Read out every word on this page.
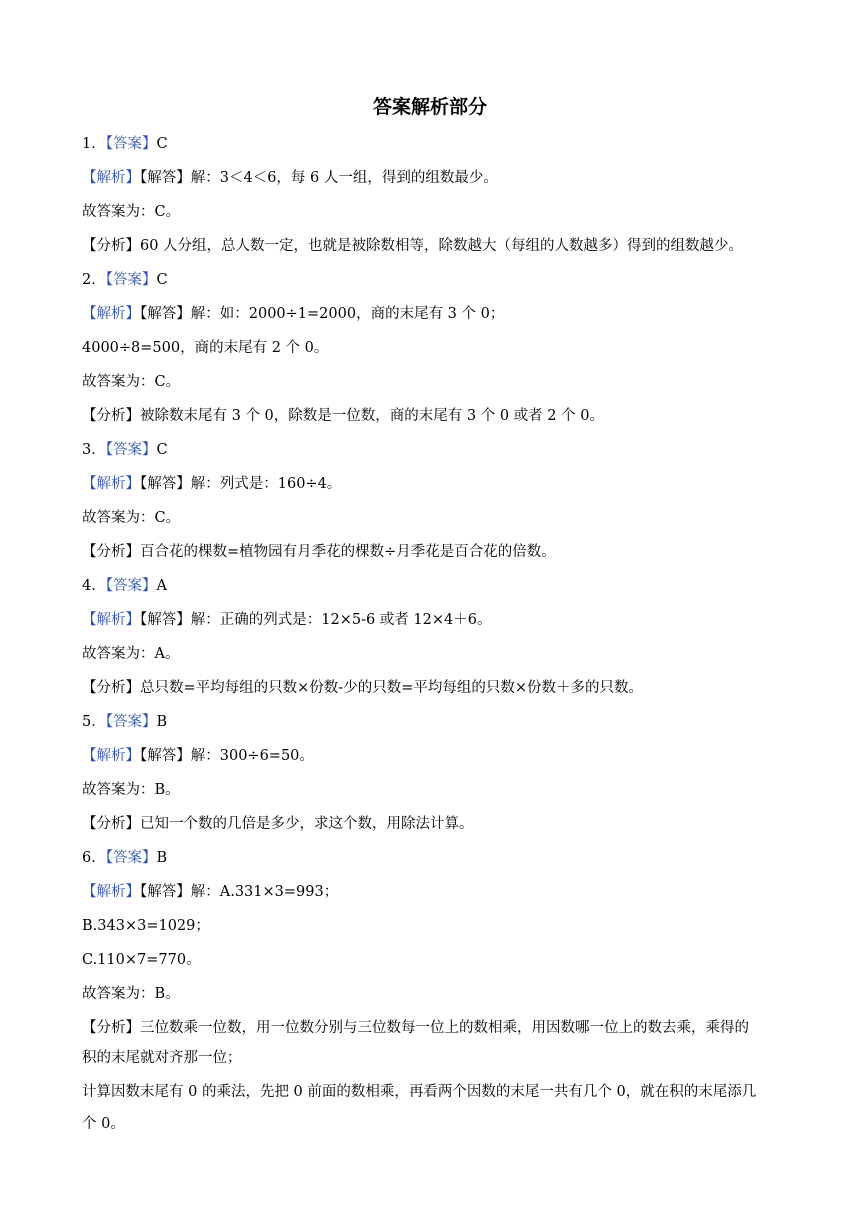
答案解析部分
1．【答案】C
【解析】【解答】解：3＜4＜6，每 6 人一组，得到的组数最少。
故答案为：C。
【分析】60 人分组，总人数一定，也就是被除数相等，除数越大（每组的人数越多）得到的组数越少。
2．【答案】C
【解析】【解答】解：如：2000÷1=2000，商的末尾有 3 个 0；
4000÷8=500，商的末尾有 2 个 0。
故答案为：C。
【分析】被除数末尾有 3 个 0，除数是一位数，商的末尾有 3 个 0 或者 2 个 0。
3．【答案】C
【解析】【解答】解：列式是：160÷4。
故答案为：C。
【分析】百合花的棵数=植物园有月季花的棵数÷月季花是百合花的倍数。
4．【答案】A
【解析】【解答】解：正确的列式是：12×5-6 或者 12×4＋6。
故答案为：A。
【分析】总只数=平均每组的只数×份数-少的只数=平均每组的只数×份数＋多的只数。
5．【答案】B
【解析】【解答】解：300÷6=50。
故答案为：B。
【分析】已知一个数的几倍是多少，求这个数，用除法计算。
6．【答案】B
【解析】【解答】解：A.331×3=993；
B.343×3=1029；
C.110×7=770。
故答案为：B。
【分析】三位数乘一位数，用一位数分别与三位数每一位上的数相乘，用因数哪一位上的数去乘，乘得的
积的末尾就对齐那一位；
计算因数末尾有 0 的乘法，先把 0 前面的数相乘，再看两个因数的末尾一共有几个 0，就在积的末尾添几
个 0。
